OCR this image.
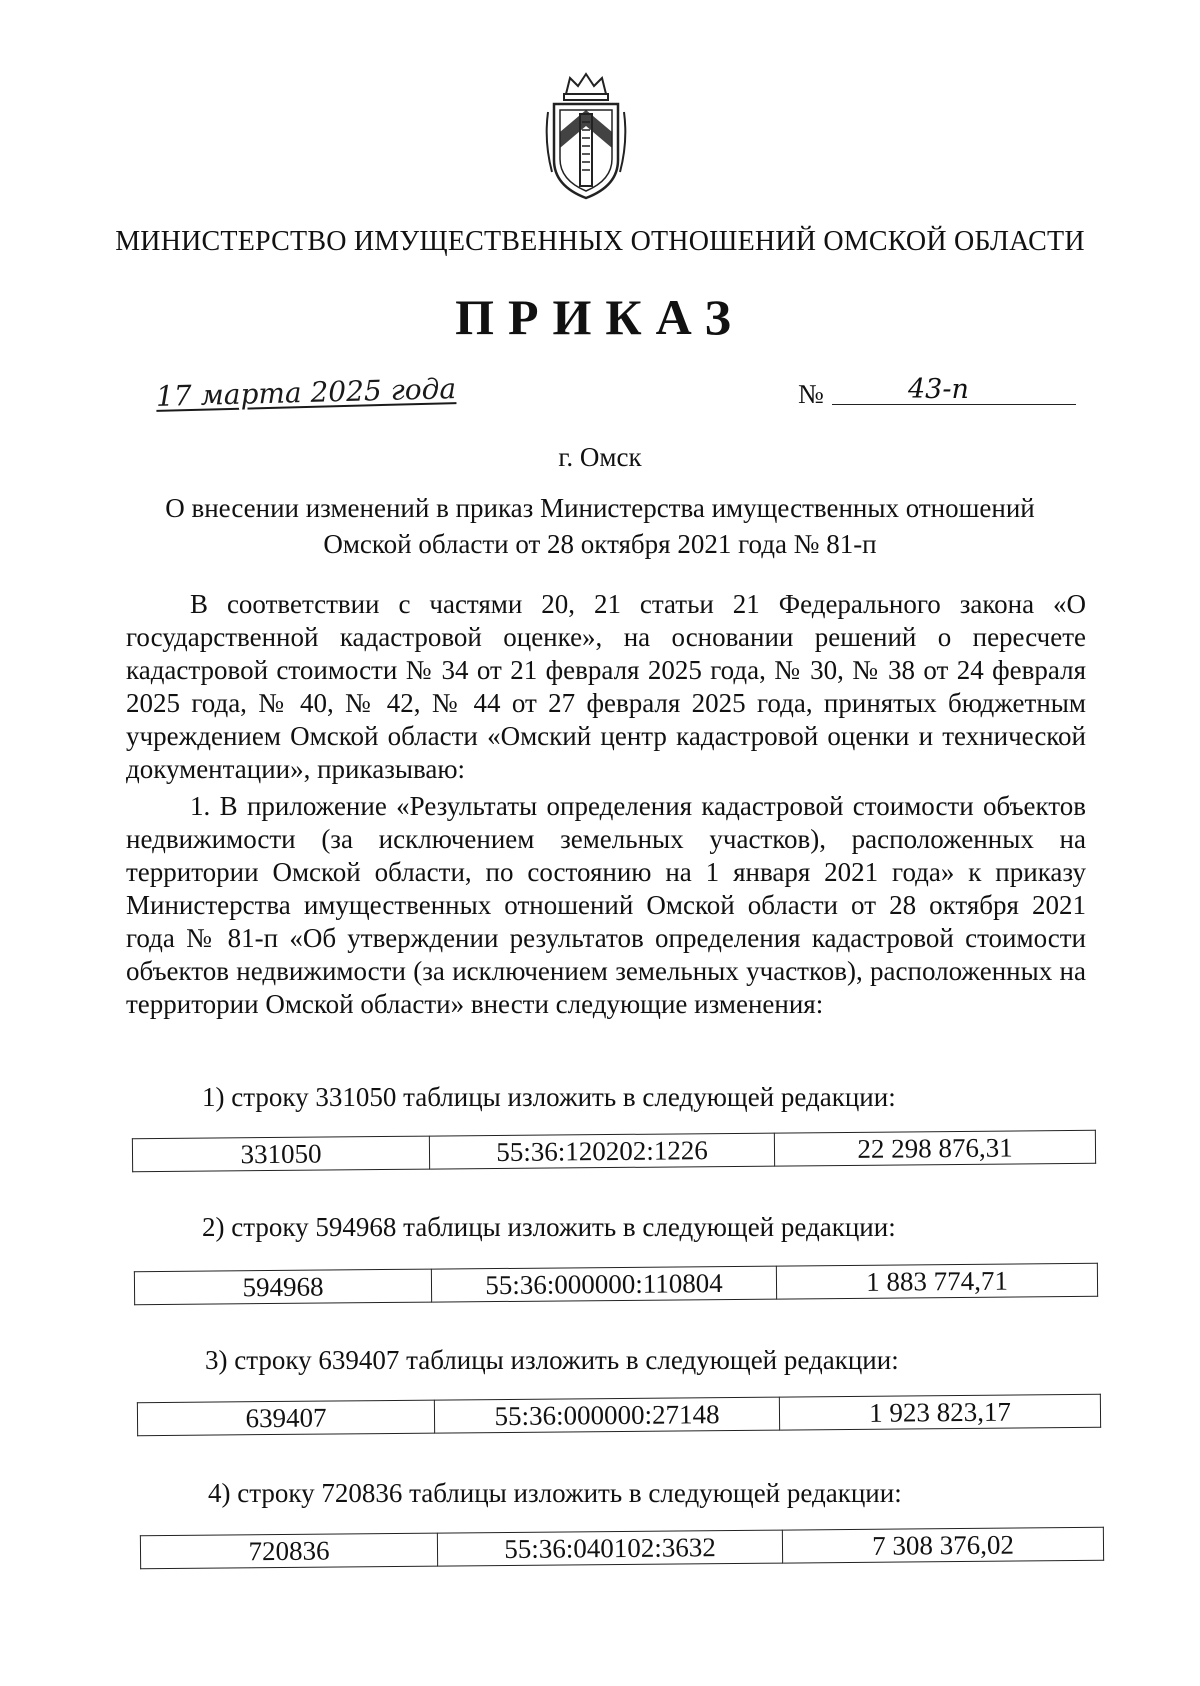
МИНИСТЕРСТВО ИМУЩЕСТВЕННЫХ ОТНОШЕНИЙ ОМСКОЙ ОБЛАСТИ
ПРИКАЗ
17 марта 2025 года	№	43-п
г. Омск
О внесении изменений в приказ Министерства имущественных отношений
Омской области от 28 октября 2021 года № 81-п
В соответствии с частями 20, 21 статьи 21 Федерального закона «О государственной кадастровой оценке», на основании решений о пересчете кадастровой стоимости № 34 от 21 февраля 2025 года, № 30, № 38 от 24 февраля 2025 года, № 40, № 42, № 44 от 27 февраля 2025 года, принятых бюджетным учреждением Омской области «Омский центр кадастровой оценки и технической документации», приказываю:
1. В приложение «Результаты определения кадастровой стоимости объектов недвижимости (за исключением земельных участков), расположенных на территории Омской области, по состоянию на 1 января 2021 года» к приказу Министерства имущественных отношений Омской области от 28 октября 2021 года № 81-п «Об утверждении результатов определения кадастровой стоимости объектов недвижимости (за исключением земельных участков), расположенных на территории Омской области» внести следующие изменения:
1) строку 331050 таблицы изложить в следующей редакции:
331050	55:36:120202:1226	22 298 876,31
2) строку 594968 таблицы изложить в следующей редакции:
594968	55:36:000000:110804	1 883 774,71
3) строку 639407 таблицы изложить в следующей редакции:
639407	55:36:000000:27148	1 923 823,17
4) строку 720836 таблицы изложить в следующей редакции:
720836	55:36:040102:3632	7 308 376,02
